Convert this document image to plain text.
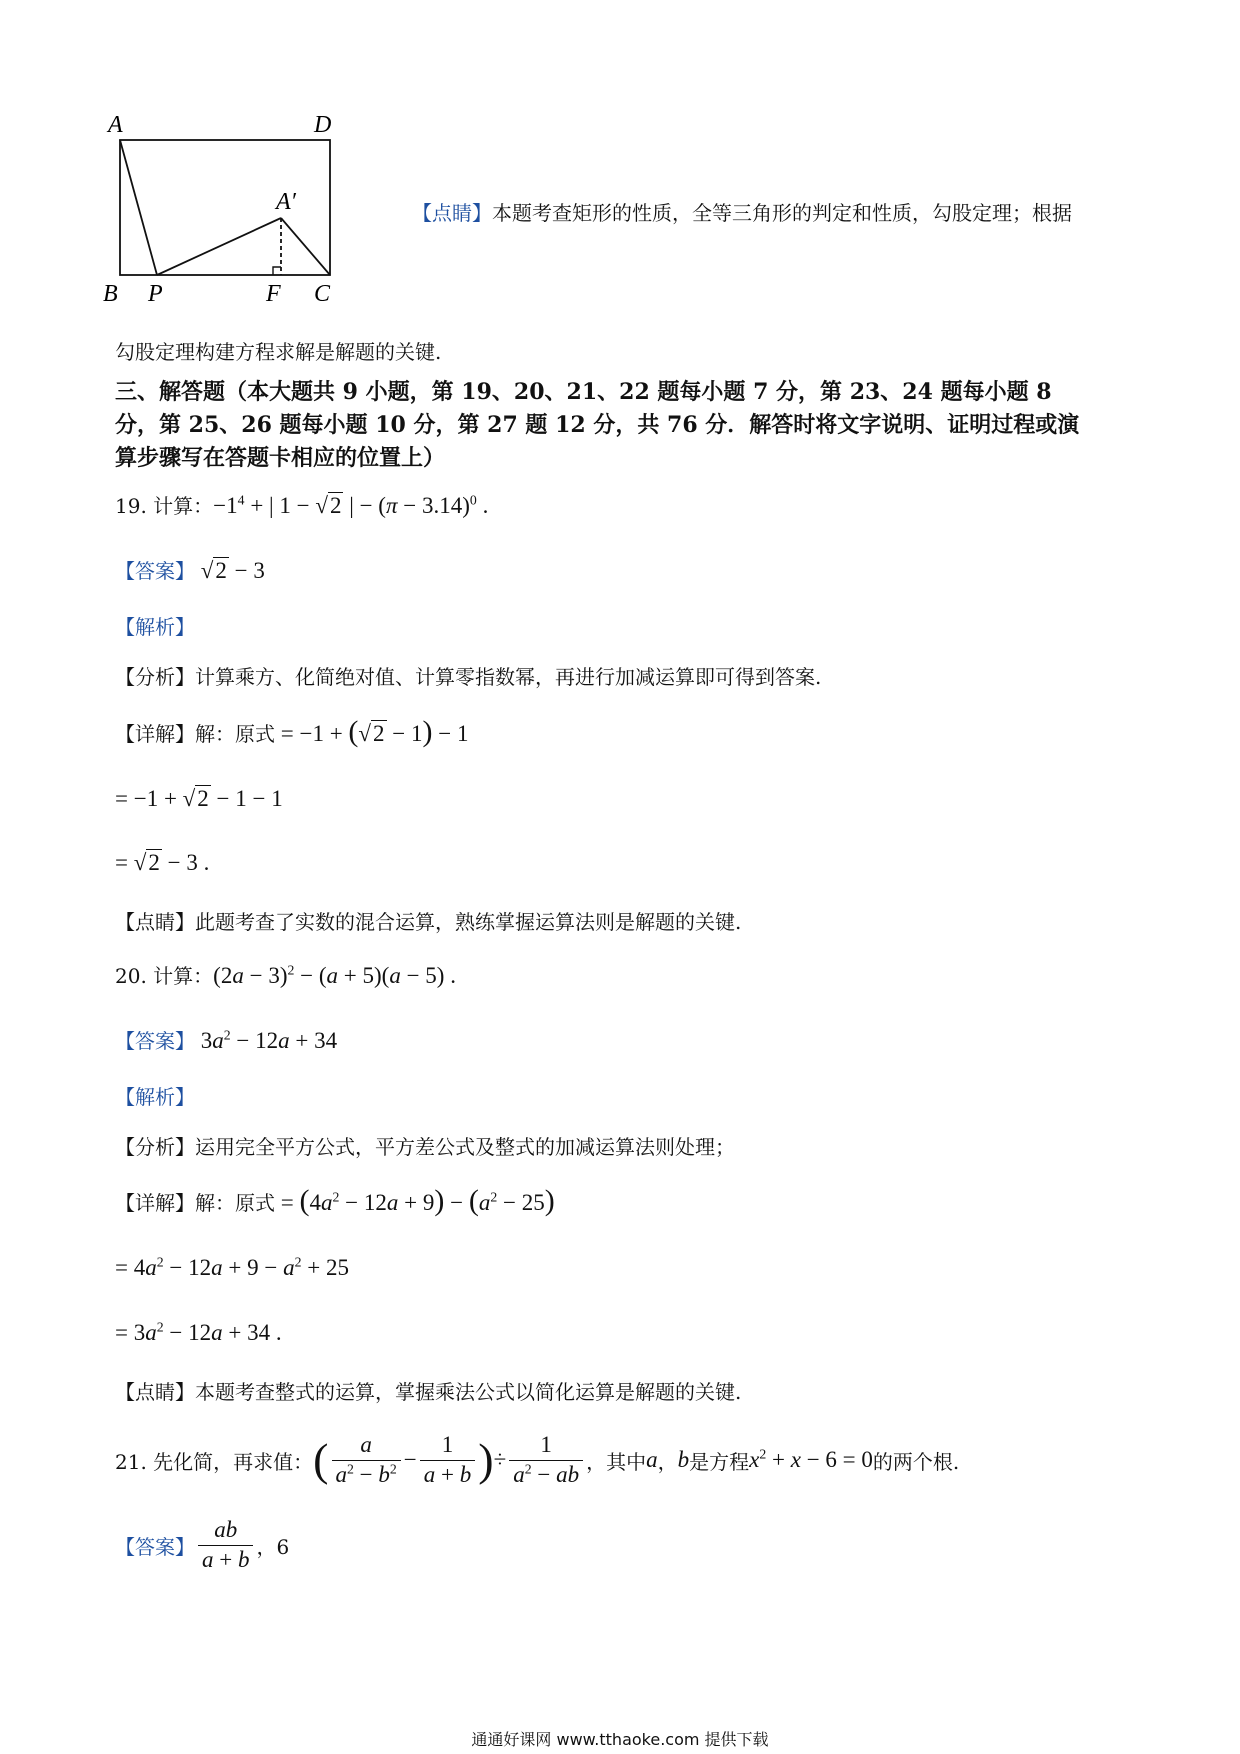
A	D
A′
B P	F C
【点睛】本题考查矩形的性质，全等三角形的判定和性质，勾股定理；根据
勾股定理构建方程求解是解题的关键.
三、解答题（本大题共 9 小题，第 19、20、21、22 题每小题 7 分，第 23、24 题每小题 8
分，第 25、26 题每小题 10 分，第 27 题 12 分，共 76 分．解答时将文字说明、证明过程或演
算步骤写在答题卡相应的位置上）
19. 计算：$-1^4$ + | 1 − √2 | − $(\pi - 3.14)^0$ .
【答案】 √2 − 3
【解析】
【分析】计算乘方、化简绝对值、计算零指数幂，再进行加减运算即可得到答案.
【详解】解：原式 = −1 + (√2 − 1) − 1
= −1 + √2 − 1 − 1
= √2 − 3 .
【点睛】此题考查了实数的混合运算，熟练掌握运算法则是解题的关键.
20. 计算：$(2a - 3)^2 - (a + 5)(a - 5)$ .
【答案】 $3a^2 - 12a + 34$
【解析】
【分析】运用完全平方公式，平方差公式及整式的加减运算法则处理；
【详解】解：原式 = $(4a^2 - 12a + 9) - (a^2 - 25)$
= $4a^2 - 12a + 9 - a^2 + 25$
= $3a^2 - 12a + 34$ .
【点睛】本题考查整式的运算，掌握乘法公式以简化运算是解题的关键.
21. 先化简，再求值： ( $\frac{a}{a^2 - b^2} - \frac{1}{a + b}$ ) ÷ $\frac{1}{a^2 - ab}$ ，其中 a ， b 是方程 $x^2 + x - 6 = 0$ 的两个根.
【答案】 $\frac{ab}{a + b}$ ，6
通通好课网 www.tthaoke.com 提供下载
